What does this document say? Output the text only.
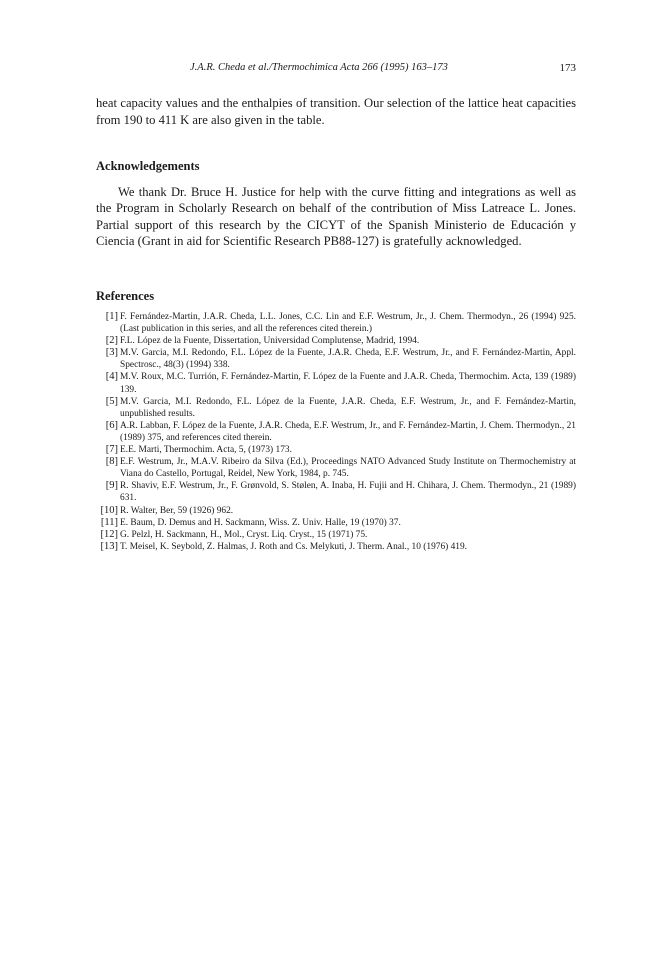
J.A.R. Cheda et al./Thermochimica Acta 266 (1995) 163–173	173

heat capacity values and the enthalpies of transition. Our selection of the lattice heat capacities from 190 to 411 K are also given in the table.

Acknowledgements

We thank Dr. Bruce H. Justice for help with the curve fitting and integrations as well as the Program in Scholarly Research on behalf of the contribution of Miss Latreace L. Jones. Partial support of this research by the CICYT of the Spanish Ministerio de Educación y Ciencia (Grant in aid for Scientific Research PB88-127) is gratefully acknowledged.

References
[1] F. Fernández-Martin, J.A.R. Cheda, L.L. Jones, C.C. Lin and E.F. Westrum, Jr., J. Chem. Thermodyn., 26 (1994) 925. (Last publication in this series, and all the references cited therein.)
[2] F.L. López de la Fuente, Dissertation, Universidad Complutense, Madrid, 1994.
[3] M.V. Garcia, M.I. Redondo, F.L. López de la Fuente, J.A.R. Cheda, E.F. Westrum, Jr., and F. Fernández-Martin, Appl. Spectrosc., 48(3) (1994) 338.
[4] M.V. Roux, M.C. Turrión, F. Fernández-Martin, F. López de la Fuente and J.A.R. Cheda, Thermochim. Acta, 139 (1989) 139.
[5] M.V. Garcia, M.I. Redondo, F.L. López de la Fuente, J.A.R. Cheda, E.F. Westrum, Jr., and F. Fernández-Martin, unpublished results.
[6] A.R. Labban, F. López de la Fuente, J.A.R. Cheda, E.F. Westrum, Jr., and F. Fernández-Martin, J. Chem. Thermodyn., 21 (1989) 375, and references cited therein.
[7] E.E. Marti, Thermochim. Acta, 5, (1973) 173.
[8] E.F. Westrum, Jr., M.A.V. Ribeiro da Silva (Ed.), Proceedings NATO Advanced Study Institute on Thermochemistry at Viana do Castello, Portugal, Reidel, New York, 1984, p. 745.
[9] R. Shaviv, E.F. Westrum, Jr., F. Grønvold, S. Stølen, A. Inaba, H. Fujii and H. Chihara, J. Chem. Thermodyn., 21 (1989) 631.
[10] R. Walter, Ber, 59 (1926) 962.
[11] E. Baum, D. Demus and H. Sackmann, Wiss. Z. Univ. Halle, 19 (1970) 37.
[12] G. Pelzl, H. Sackmann, H., Mol., Cryst. Liq. Cryst., 15 (1971) 75.
[13] T. Meisel, K. Seybold, Z. Halmas, J. Roth and Cs. Melykuti, J. Therm. Anal., 10 (1976) 419.
